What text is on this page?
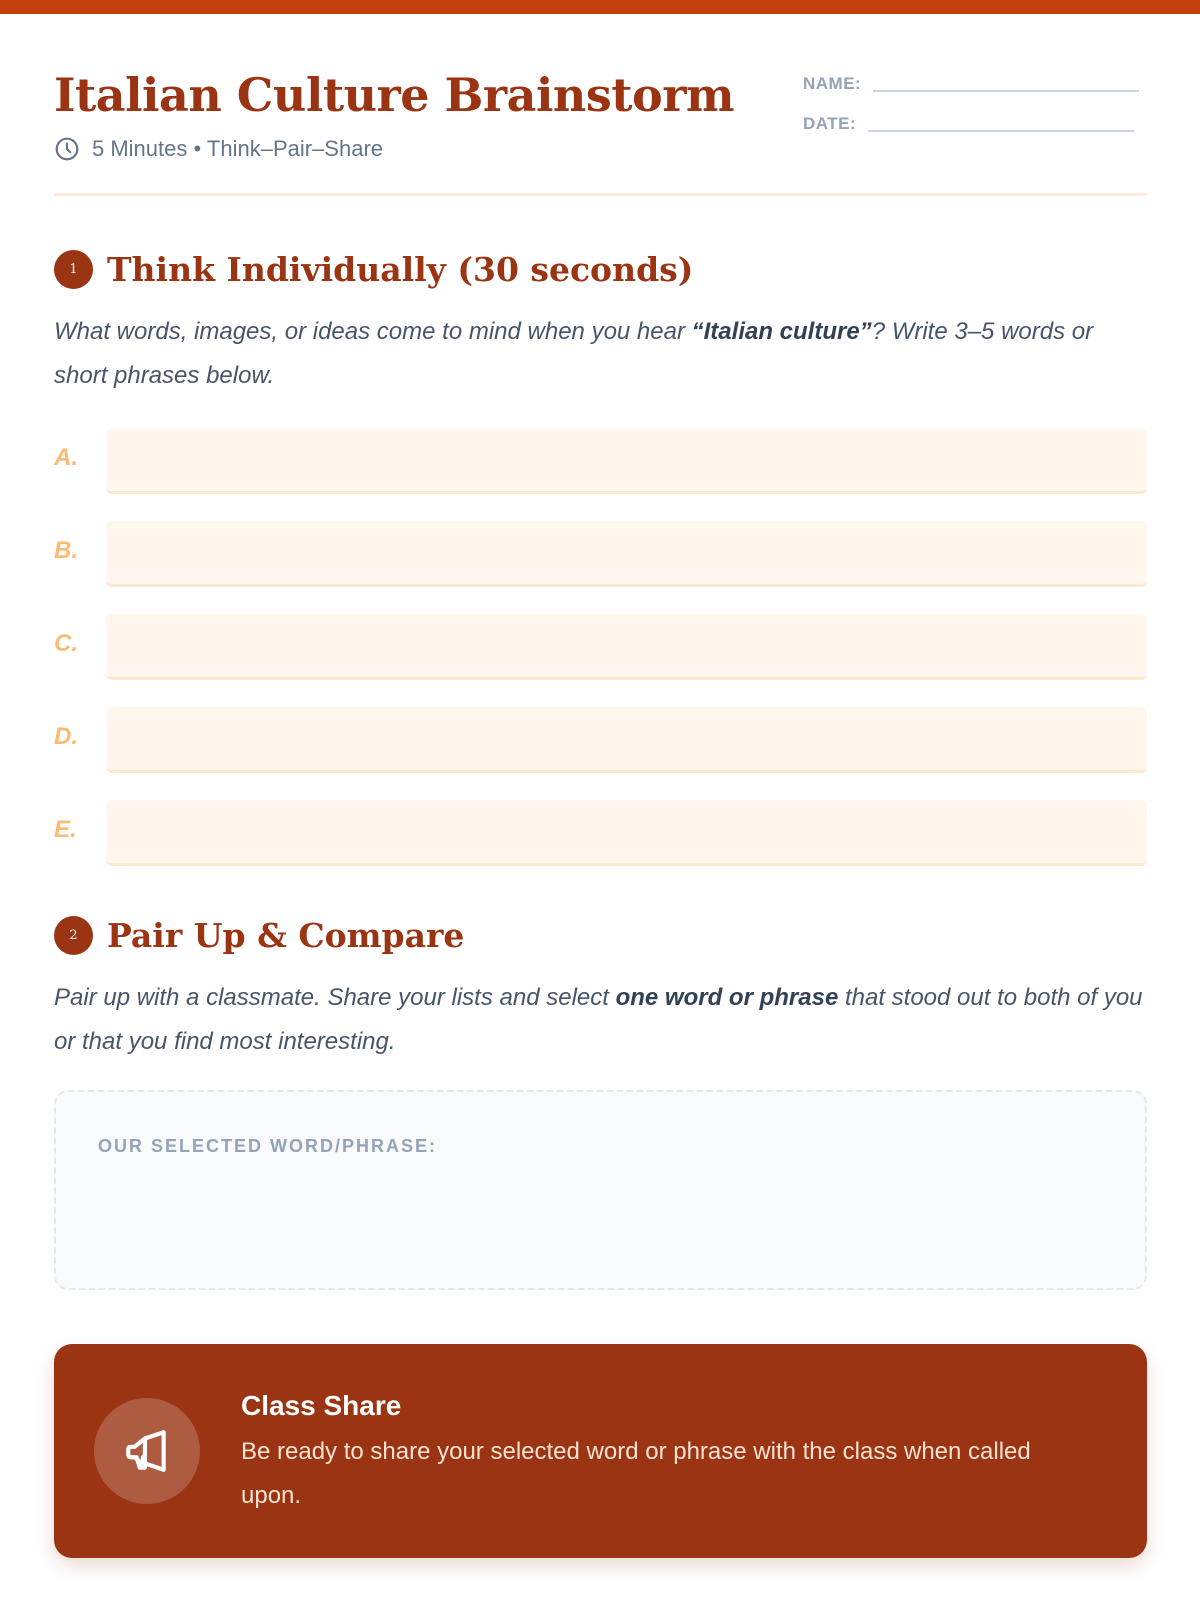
Italian Culture Brainstorm
5 Minutes • Think–Pair–Share
NAME:
DATE:
1 Think Individually (30 seconds)

What words, images, or ideas come to mind when you hear “Italian culture”? Write 3–5 words or short phrases below.

A.
B.
C.
D.
E.
2 Pair Up & Compare

Pair up with a classmate. Share your lists and select one word or phrase that stood out to both of you or that you find most interesting.

OUR SELECTED WORD/PHRASE:
Class Share
Be ready to share your selected word or phrase with the class when called upon.
